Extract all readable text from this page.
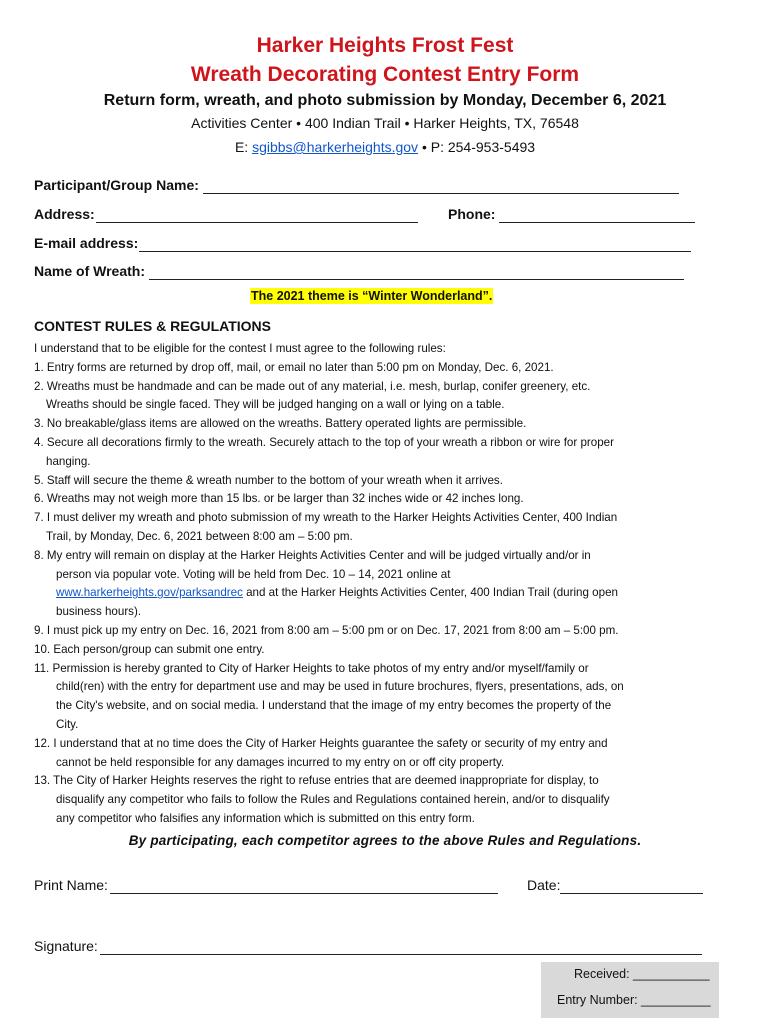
Harker Heights Frost Fest
Wreath Decorating Contest Entry Form
Return form, wreath, and photo submission by Monday, December 6, 2021
Activities Center • 400 Indian Trail • Harker Heights, TX, 76548
E: sgibbs@harkerheights.gov • P: 254-953-5493
Participant/Group Name:
Address:	Phone:
E-mail address:
Name of Wreath:
The 2021 theme is “Winter Wonderland”.
CONTEST RULES & REGULATIONS

I understand that to be eligible for the contest I must agree to the following rules:

1. Entry forms are returned by drop off, mail, or email no later than 5:00 pm on Monday, Dec. 6, 2021.

2. Wreaths must be handmade and can be made out of any material, i.e. mesh, burlap, conifer greenery, etc.

Wreaths should be single faced. They will be judged hanging on a wall or lying on a table.

3. No breakable/glass items are allowed on the wreaths. Battery operated lights are permissible.

4. Secure all decorations firmly to the wreath. Securely attach to the top of your wreath a ribbon or wire for proper

hanging.

5. Staff will secure the theme & wreath number to the bottom of your wreath when it arrives.

6. Wreaths may not weigh more than 15 lbs. or be larger than 32 inches wide or 42 inches long.

7. I must deliver my wreath and photo submission of my wreath to the Harker Heights Activities Center, 400 Indian

Trail, by Monday, Dec. 6, 2021 between 8:00 am – 5:00 pm.

8. My entry will remain on display at the Harker Heights Activities Center and will be judged virtually and/or in

person via popular vote. Voting will be held from Dec. 10 – 14, 2021 online at

www.harkerheights.gov/parksandrec and at the Harker Heights Activities Center, 400 Indian Trail (during open

business hours).

9. I must pick up my entry on Dec. 16, 2021 from 8:00 am – 5:00 pm or on Dec. 17, 2021 from 8:00 am – 5:00 pm.

10. Each person/group can submit one entry.

11. Permission is hereby granted to City of Harker Heights to take photos of my entry and/or myself/family or

child(ren) with the entry for department use and may be used in future brochures, flyers, presentations, ads, on

the City's website, and on social media. I understand that the image of my entry becomes the property of the

City.

12. I understand that at no time does the City of Harker Heights guarantee the safety or security of my entry and

cannot be held responsible for any damages incurred to my entry on or off city property.

13. The City of Harker Heights reserves the right to refuse entries that are deemed inappropriate for display, to

disqualify any competitor who fails to follow the Rules and Regulations contained herein, and/or to disqualify

any competitor who falsifies any information which is submitted on this entry form.

By participating, each competitor agrees to the above Rules and Regulations.
Print Name:	Date:
Signature:
Received: ___________
Entry Number: __________
